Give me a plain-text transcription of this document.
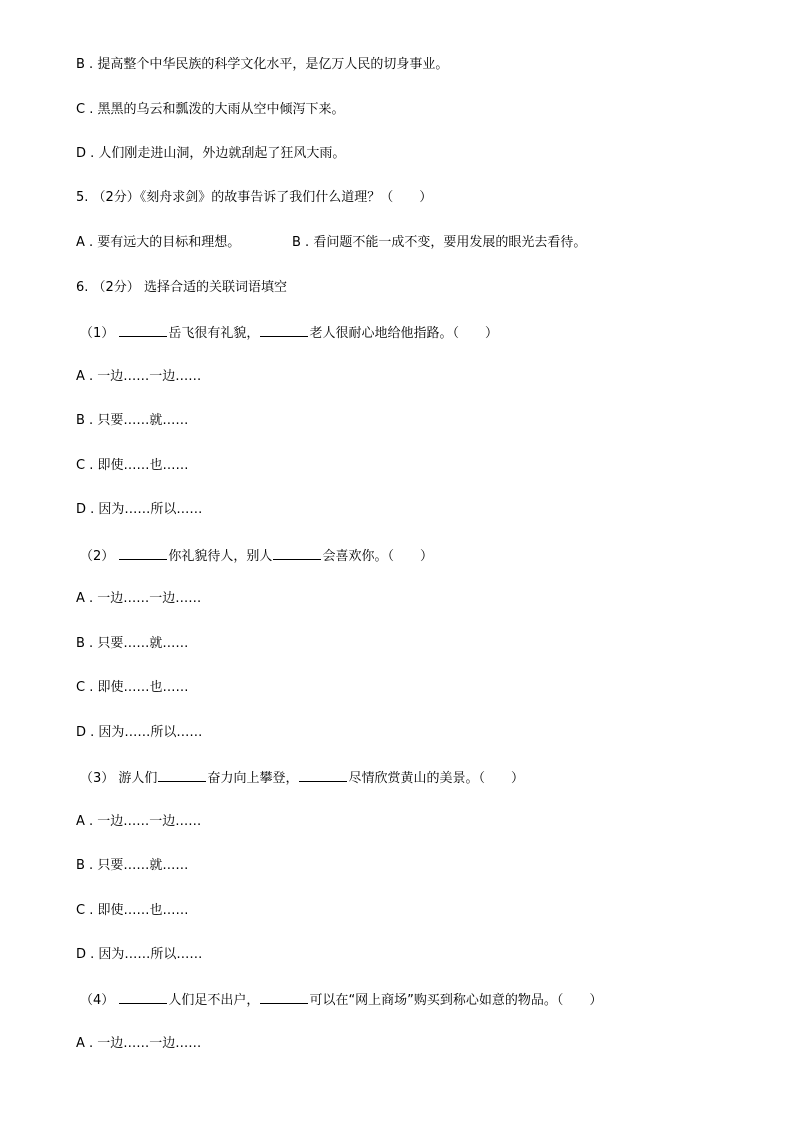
B . 提高整个中华民族的科学文化水平，是亿万人民的切身事业。
C . 黑黑的乌云和瓢泼的大雨从空中倾泻下来。
D . 人们刚走进山洞，外边就刮起了狂风大雨。
5. （2分）《刻舟求剑》的故事告诉了我们什么道理？（　　）
A . 要有远大的目标和理想。	B . 看问题不能一成不变，要用发展的眼光去看待。
6. （2分） 选择合适的关联词语填空
（1）	岳飞很有礼貌，	老人很耐心地给他指路。（　　）
A . 一边……一边……
B . 只要……就……
C . 即使……也……
D . 因为……所以……
（2）	你礼貌待人，别人	会喜欢你。（　　）
A . 一边……一边……
B . 只要……就……
C . 即使……也……
D . 因为……所以……
（3） 游人们	奋力向上攀登，	尽情欣赏黄山的美景。（　　）
A . 一边……一边……
B . 只要……就……
C . 即使……也……
D . 因为……所以……
（4）	人们足不出户，	可以在“网上商场”购买到称心如意的物品。（　　）
A . 一边……一边……
